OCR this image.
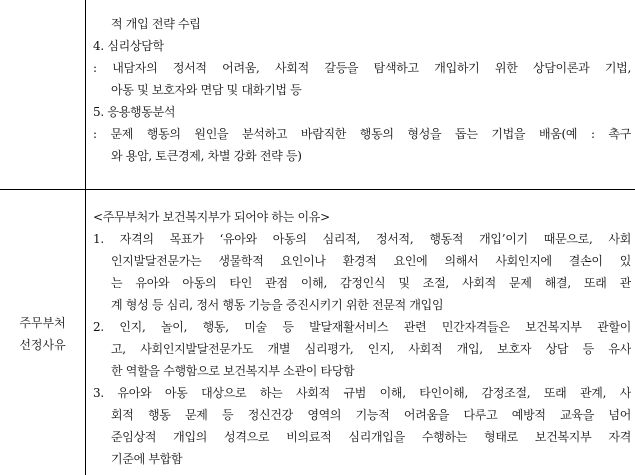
적 개입 전략 수립
4. 심리상담학
: 내담자의 정서적 어려움, 사회적 갈등을 탐색하고 개입하기 위한 상담이론과 기법,
아동 및 보호자와 면담 및 대화기법 등
5. 응용행동분석
: 문제 행동의 원인을 분석하고 바람직한 행동의 형성을 돕는 기법을 배움(예 : 촉구
와 용암, 토큰경제, 차별 강화 전략 등)
주무부처
선정사유
<주무부처가 보건복지부가 되어야 하는 이유>
1. 자격의 목표가 ‘유아와 아동의 심리적, 정서적, 행동적 개입’이기 때문으로, 사회
인지발달전문가는 생물학적 요인이나 환경적 요인에 의해서 사회인지에 결손이 있
는 유아와 아동의 타인 관점 이해, 감정인식 및 조절, 사회적 문제 해결, 또래 관
계 형성 등 심리, 정서 행동 기능을 증진시키기 위한 전문적 개입임
2. 인지, 놀이, 행동, 미술 등 발달재활서비스 관련 민간자격들은 보건복지부 관할이
고, 사회인지발달전문가도 개별 심리평가, 인지, 사회적 개입, 보호자 상담 등 유사
한 역할을 수행함으로 보건복지부 소관이 타당함
3. 유아와 아동 대상으로 하는 사회적 규범 이해, 타인이해, 감정조절, 또래 관계, 사
회적 행동 문제 등 정신건강 영역의 기능적 어려움을 다루고 예방적 교육을 넘어
준임상적 개입의 성격으로 비의료적 심리개입을 수행하는 형태로 보건복지부 자격
기준에 부합함
